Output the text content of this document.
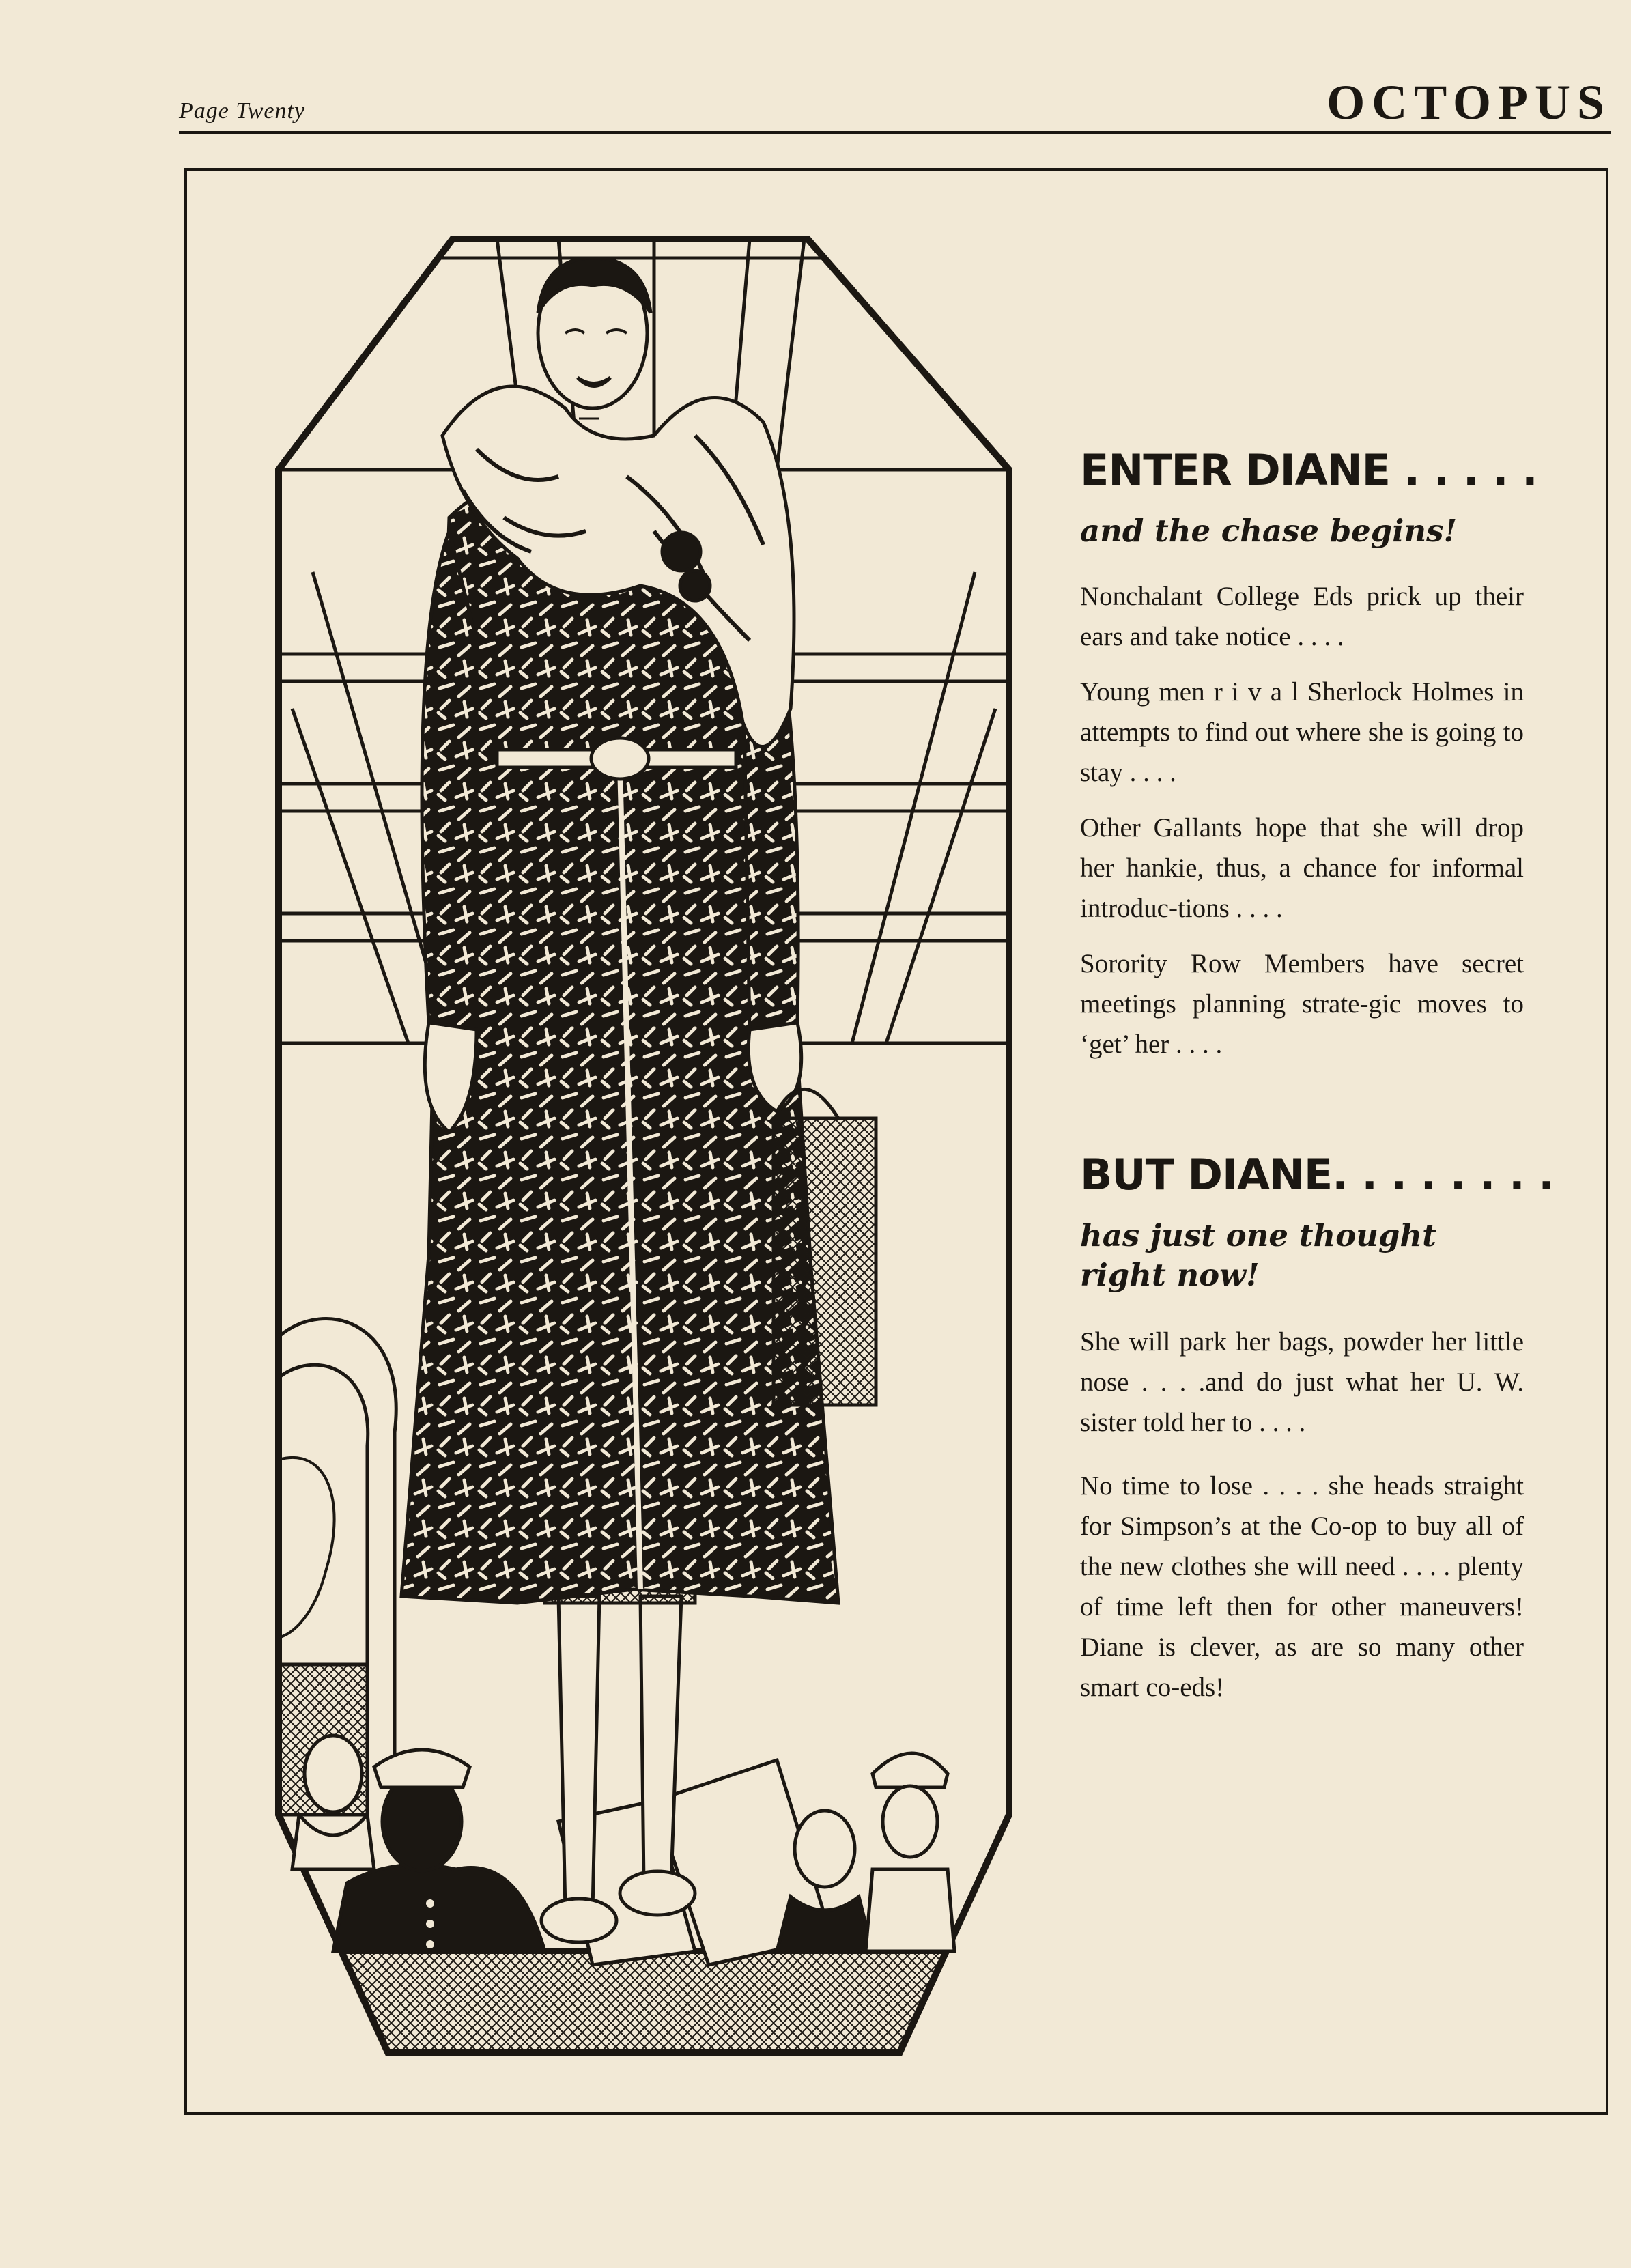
Page Twenty	OCTOPUS
ENTER DIANE . . . . .
and the chase begins!

Nonchalant College Eds prick up their ears and take notice . . . .

Young men r i v a l Sherlock Holmes in attempts to find out where she is going to stay . . . .

Other Gallants hope that she will drop her hankie, thus, a chance for informal introduc-tions . . . .

Sorority Row Members have secret meetings planning strate-gic moves to ‘get’ her . . . .

BUT DIANE. . . . . . . .
has just one thought right now!

She will park her bags, powder her little nose . . . .and do just what her U. W. sister told her to . . . .

No time to lose . . . . she heads straight for Simpson’s at the Co-op to buy all of the new clothes she will need . . . . plenty of time left then for other maneuvers! Diane is clever, as are so many other smart co-eds!
